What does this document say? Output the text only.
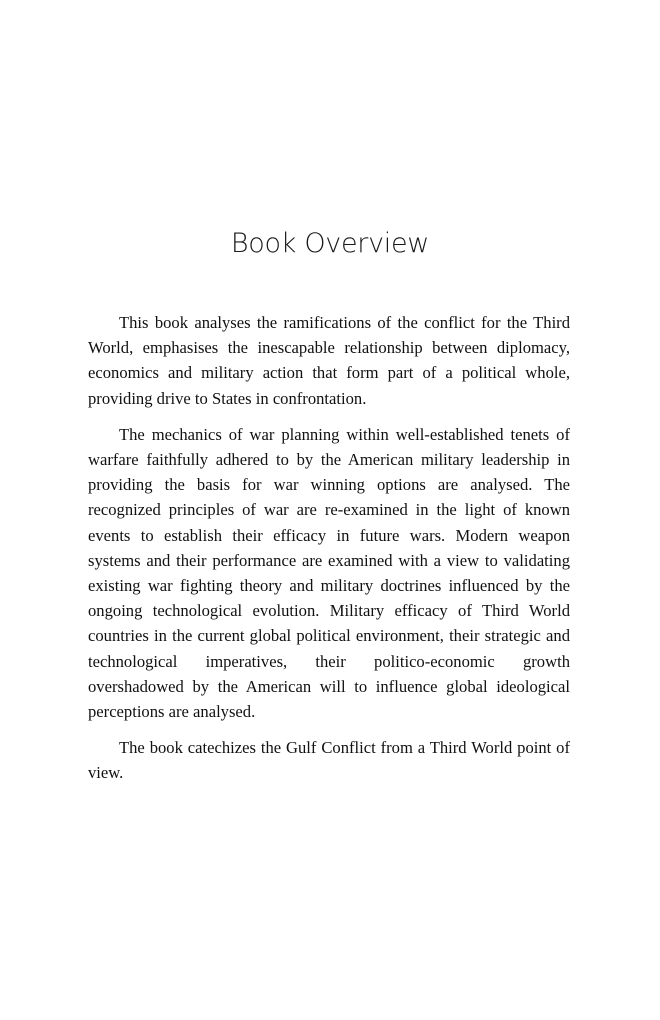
Book Overview

This book analyses the ramifications of the conflict for the Third World, emphasises the inescapable relationship between diplomacy, economics and military action that form part of a political whole, providing drive to States in confrontation.

The mechanics of war planning within well-established tenets of warfare faithfully adhered to by the American military leadership in providing the basis for war winning options are analysed. The recognized principles of war are re-examined in the light of known events to establish their efficacy in future wars. Modern weapon systems and their performance are examined with a view to validating existing war fighting theory and military doctrines influenced by the ongoing technological evolution. Military efficacy of Third World countries in the current global political environment, their strategic and technological imperatives, their politico-economic growth overshadowed by the American will to influence global ideological perceptions are analysed.

The book catechizes the Gulf Conflict from a Third World point of view.
